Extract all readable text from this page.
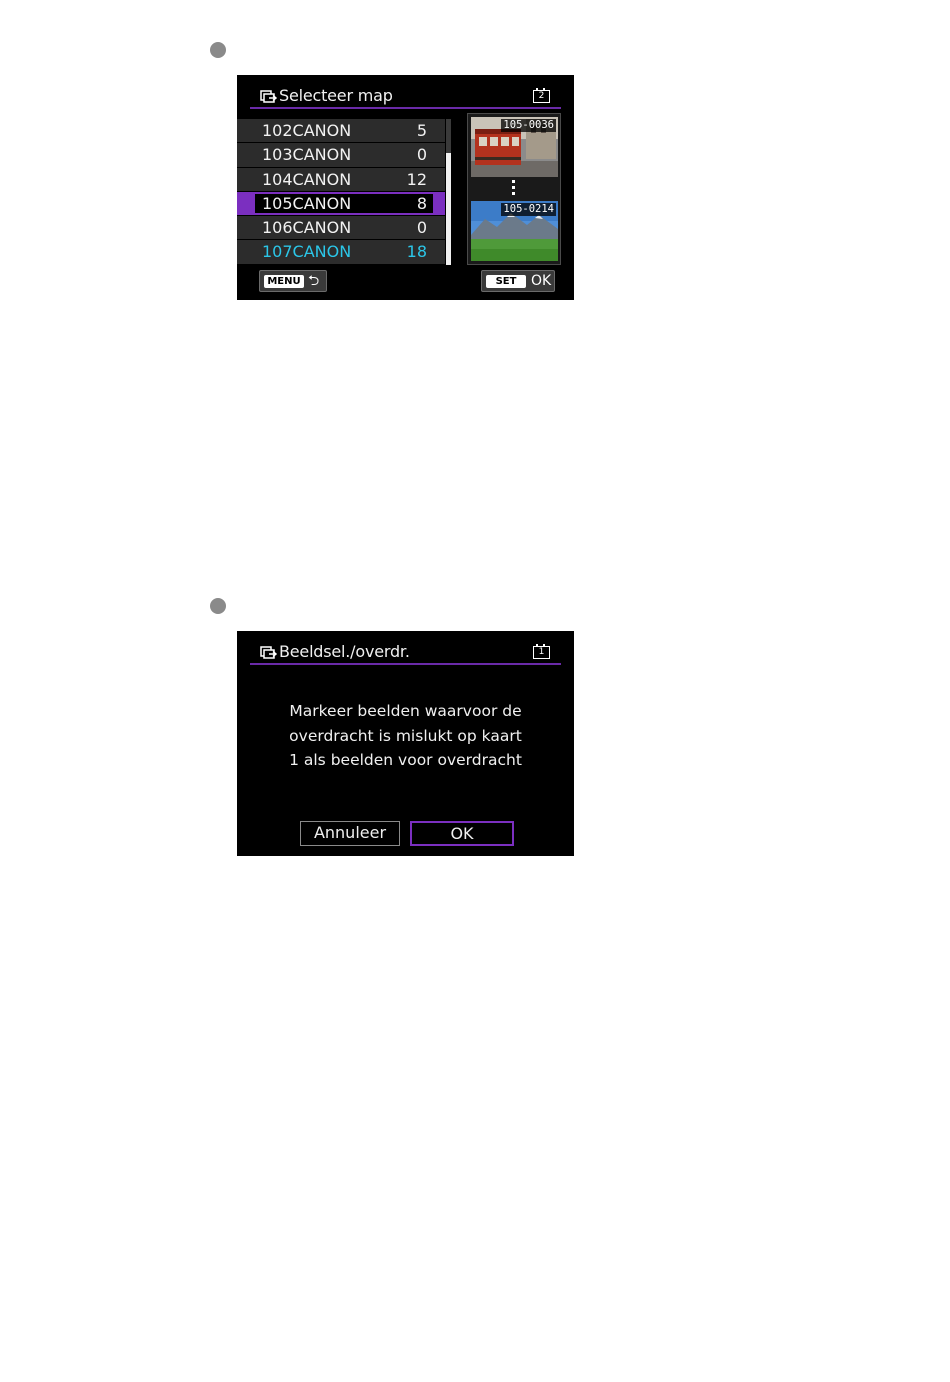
Selecteer map	2
102CANON	5
103CANON	0
104CANON	12
105CANON	8
106CANON	0
107CANON	18
105-0036
105-0214
MENU ⮌	SET	OK
Beeldsel./overdr.	1
Markeer beelden waarvoor de
overdracht is mislukt op kaart
1 als beelden voor overdracht
Annuleer	OK
